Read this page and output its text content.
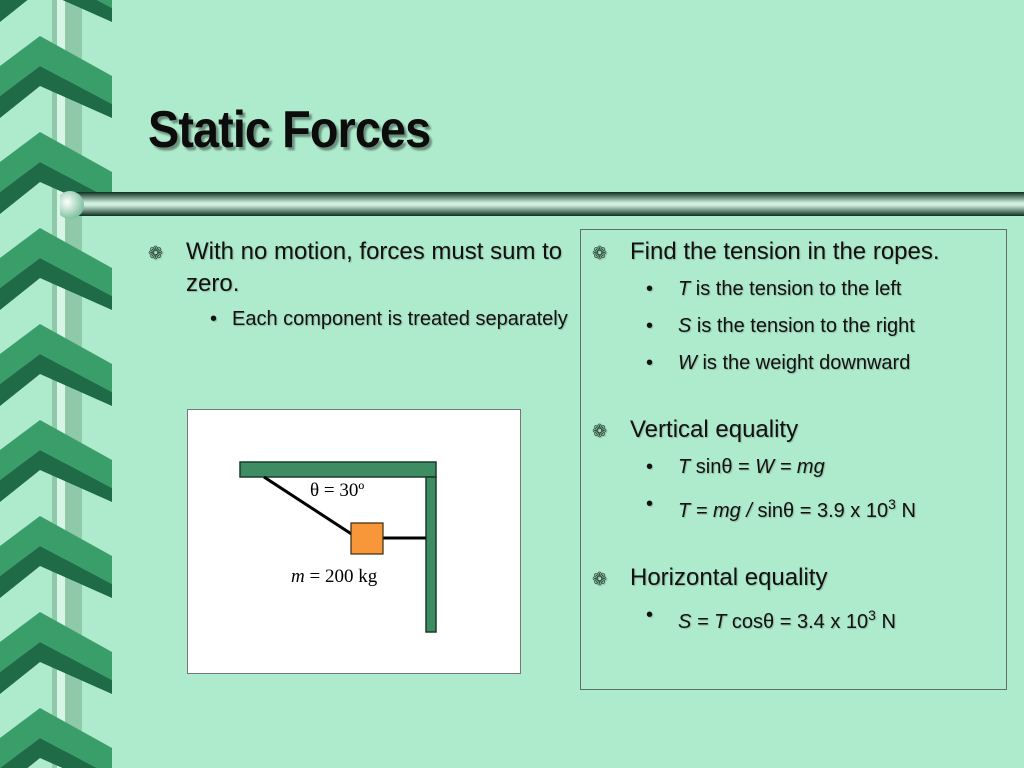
Static Forces
❁ With no motion, forces must sum to zero.
• Each component is treated separately
θ = 30º
m = 200 kg
❁ Find the tension in the ropes.
• T is the tension to the left
• S is the tension to the right
• W is the weight downward
❁ Vertical equality
• T sinθ = W = mg
• T = mg / sinθ = 3.9 x $10^3$ N
❁ Horizontal equality
• S = T cosθ = 3.4 x $10^3$ N
